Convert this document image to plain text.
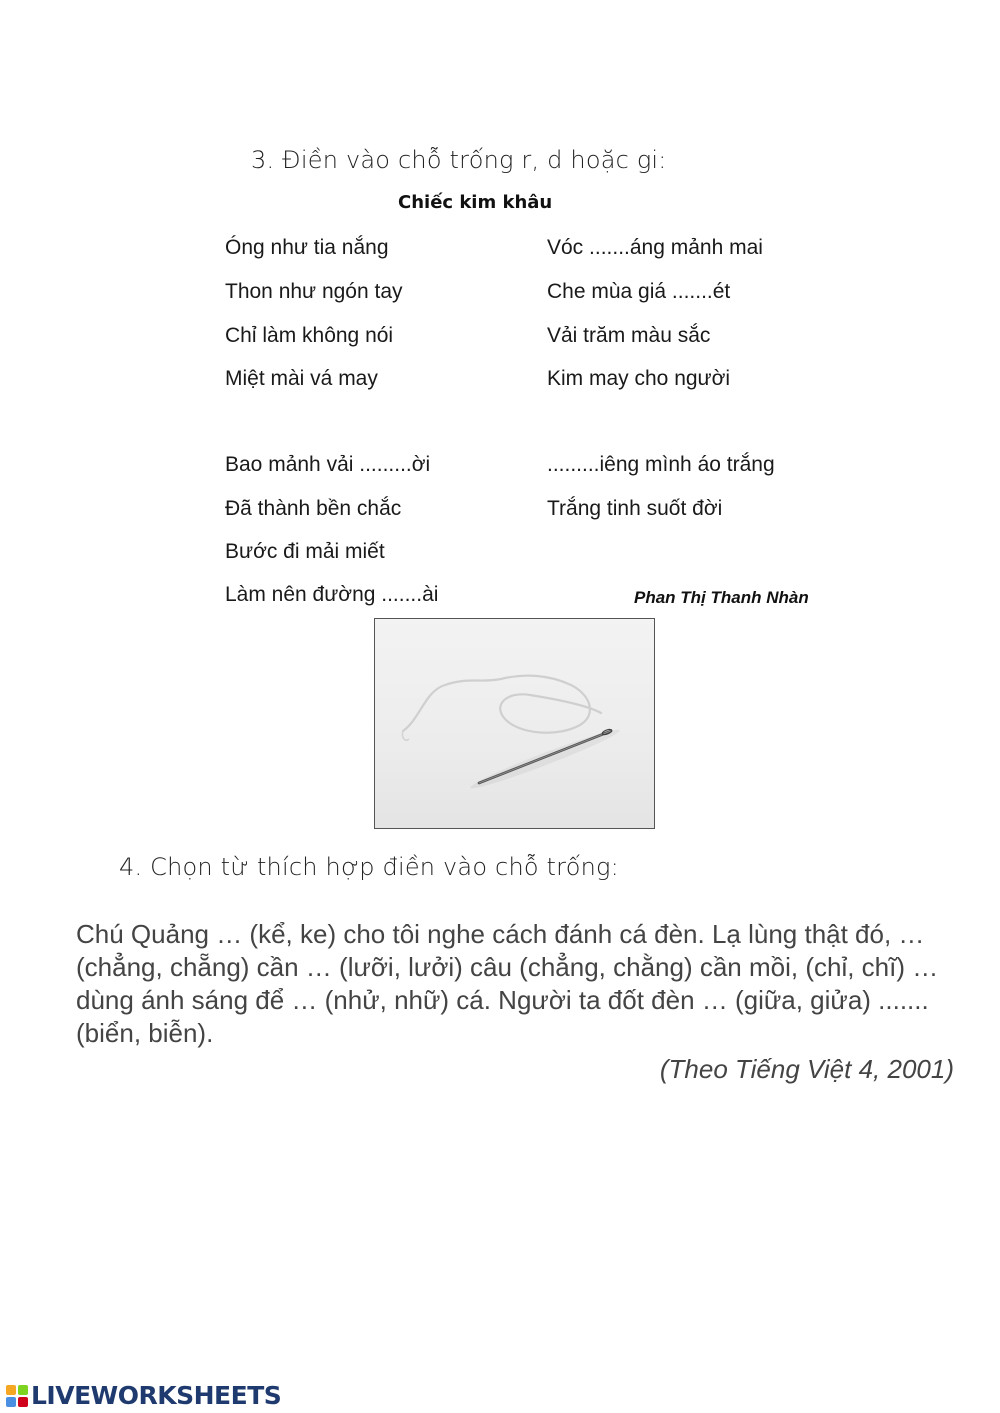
3. Điền vào chỗ trống r, d hoặc gi:
Chiếc kim khâu
Óng như tia nắng
Thon như ngón tay
Chỉ làm không nói
Miệt mài vá may
Bao mảnh vải .........ời
Đã thành bền chắc
Bước đi mải miết
Làm nên đường .......ài
Vóc .......áng mảnh mai
Che mùa giá .......ét
Vải trăm màu sắc
Kim may cho người
.........iêng mình áo trắng
Trắng tinh suốt đời
Phan Thị Thanh Nhàn
4. Chọn từ thích hợp điền vào chỗ trống:
Chú Quảng … (kể, ke) cho tôi nghe cách đánh cá đèn. Lạ lùng thật đó, … (chẳng, chẵng) cần … (lưỡi, lưởi) câu (chẳng, chằng) cần mồi, (chỉ, chĩ) … dùng ánh sáng để … (nhử, nhữ) cá. Người ta đốt đèn … (giữa, giửa) ....... (biển, biễn).
(Theo Tiếng Việt 4, 2001)
LIVEWORKSHEETS
